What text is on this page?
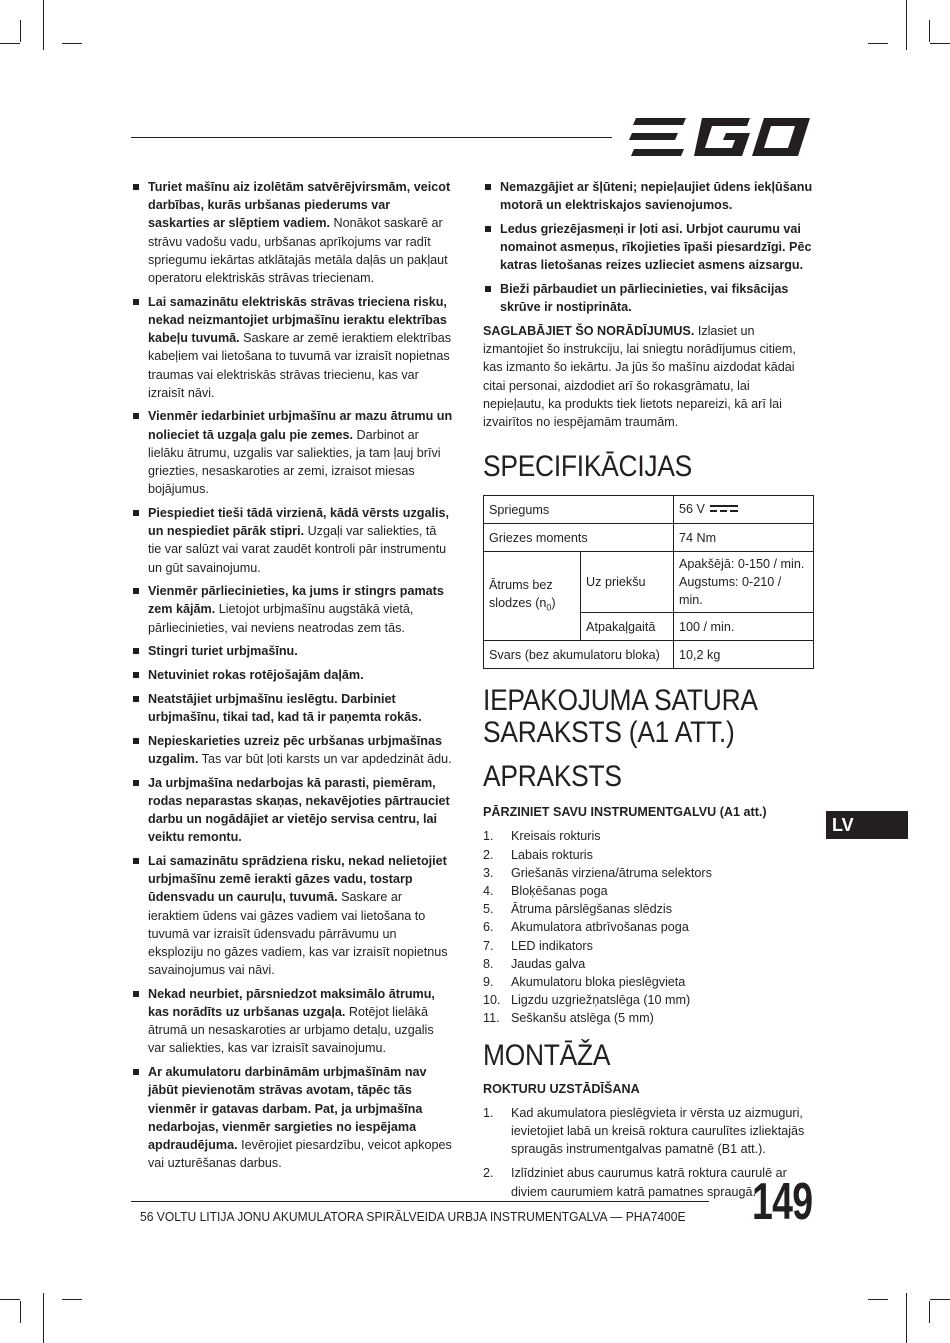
Turiet mašīnu aiz izolētām satvērējvirsmām, veicot darbības, kurās urbšanas piederums var saskarties ar slēptiem vadiem. Nonākot saskarē ar strāvu vadošu vadu, urbšanas aprīkojums var radīt spriegumu iekārtas atklātajās metāla daļās un pakļaut operatoru elektriskās strāvas triecienam.
Lai samazinātu elektriskās strāvas trieciena risku, nekad neizmantojiet urbjmašīnu ieraktu elektrības kabeļu tuvumā. Saskare ar zemē ieraktiem elektrības kabeļiem vai lietošana to tuvumā var izraisīt nopietnas traumas vai elektriskās strāvas triecienu, kas var izraisīt nāvi.
Vienmēr iedarbiniet urbjmašīnu ar mazu ātrumu un nolieciet tā uzgaļa galu pie zemes. Darbinot ar lielāku ātrumu, uzgalis var saliekties, ja tam ļauj brīvi griezties, nesaskaroties ar zemi, izraisot miesas bojājumus.
Piespiediet tieši tādā virzienā, kādā vērsts uzgalis, un nespiediet pārāk stipri. Uzgaļi var saliekties, tā tie var salūzt vai varat zaudēt kontroli pār instrumentu un gūt savainojumu.
Vienmēr pārliecinieties, ka jums ir stingrs pamats zem kājām. Lietojot urbjmašīnu augstākā vietā, pārliecinieties, vai neviens neatrodas zem tās.
Stingri turiet urbjmašīnu.
Netuviniet rokas rotējošajām daļām.
Neatstājiet urbjmašīnu ieslēgtu. Darbiniet urbjmašīnu, tikai tad, kad tā ir paņemta rokās.
Nepieskarieties uzreiz pēc urbšanas urbjmašīnas uzgalim. Tas var būt ļoti karsts un var apdedzināt ādu.
Ja urbjmašīna nedarbojas kā parasti, piemēram, rodas neparastas skaņas, nekavējoties pārtrauciet darbu un nogādājiet ar vietējo servisa centru, lai veiktu remontu.
Lai samazinātu sprādziena risku, nekad nelietojiet urbjmašīnu zemē ierakti gāzes vadu, tostarp ūdensvadu un cauruļu, tuvumā. Saskare ar ieraktiem ūdens vai gāzes vadiem vai lietošana to tuvumā var izraisīt ūdensvadu pārrāvumu un eksploziju no gāzes vadiem, kas var izraisīt nopietnus savainojumus vai nāvi.
Nekad neurbiet, pārsniedzot maksimālo ātrumu, kas norādīts uz urbšanas uzgaļa. Rotējot lielākā ātrumā un nesaskaroties ar urbjamo detaļu, uzgalis var saliekties, kas var izraisīt savainojumu.
Ar akumulatoru darbināmām urbjmašīnām nav jābūt pievienotām strāvas avotam, tāpēc tās vienmēr ir gatavas darbam. Pat, ja urbjmašīna nedarbojas, vienmēr sargieties no iespējama apdraudējuma. Ievērojiet piesardzību, veicot apkopes vai uzturēšanas darbus.
Nemazgājiet ar šļūteni; nepieļaujiet ūdens iekļūšanu motorā un elektriskajos savienojumos.
Ledus griezējasmeņi ir ļoti asi. Urbjot caurumu vai nomainot asmeņus, rīkojieties īpaši piesardzīgi. Pēc katras lietošanas reizes uzlieciet asmens aizsargu.
Bieži pārbaudiet un pārliecinieties, vai fiksācijas skrūve ir nostiprināta.

SAGLABĀJIET ŠO NORĀDĪJUMUS. Izlasiet un izmantojiet šo instrukciju, lai sniegtu norādījumus citiem, kas izmanto šo iekārtu. Ja jūs šo mašīnu aizdodat kādai citai personai, aizdodiet arī šo rokasgrāmatu, lai nepieļautu, ka produkts tiek lietots nepareizi, kā arī lai izvairītos no iespējamām traumām.

SPECIFIKĀCIJAS
Spriegums		56 V
Griezes moments		74 Nm
Ātrums bez slodzes $(n_0)$	Uz priekšu	Apakšējā: 0-150 / min.
Augstums: 0-210 / min.

	Atpakaļgaitā	100 / min.
Svars (bez akumulatoru bloka)		10,2 kg
IEPAKOJUMA SATURA
SARAKSTS (A1 ATT.)
APRAKSTS
PĀRZINIET SAVU INSTRUMENTGALVU (A1 att.)
1. Kreisais rokturis
2. Labais rokturis
3. Griešanās virziena/ātruma selektors
4. Bloķēšanas poga
5. Ātruma pārslēgšanas slēdzis
6. Akumulatora atbrīvošanas poga
7. LED indikators
8. Jaudas galva
9. Akumulatoru bloka pieslēgvieta
10. Ligzdu uzgriežņatslēga (10 mm)
11. Seškanšu atslēga (5 mm)
MONTĀŽA
ROKTURU UZSTĀDĪŠANA
1. Kad akumulatora pieslēgvieta ir vērsta uz aizmuguri, ievietojiet labā un kreisā roktura caurulītes izliektajās spraugās instrumentgalvas pamatnē (B1 att.).
2. Izlīdziniet abus caurumus katrā roktura caurulē ar diviem caurumiem katrā pamatnes spraugā.
LV
56 VOLTU LITIJA JONU AKUMULATORA SPIRĀLVEIDA URBJA INSTRUMENTGALVA — PHA7400E 149
